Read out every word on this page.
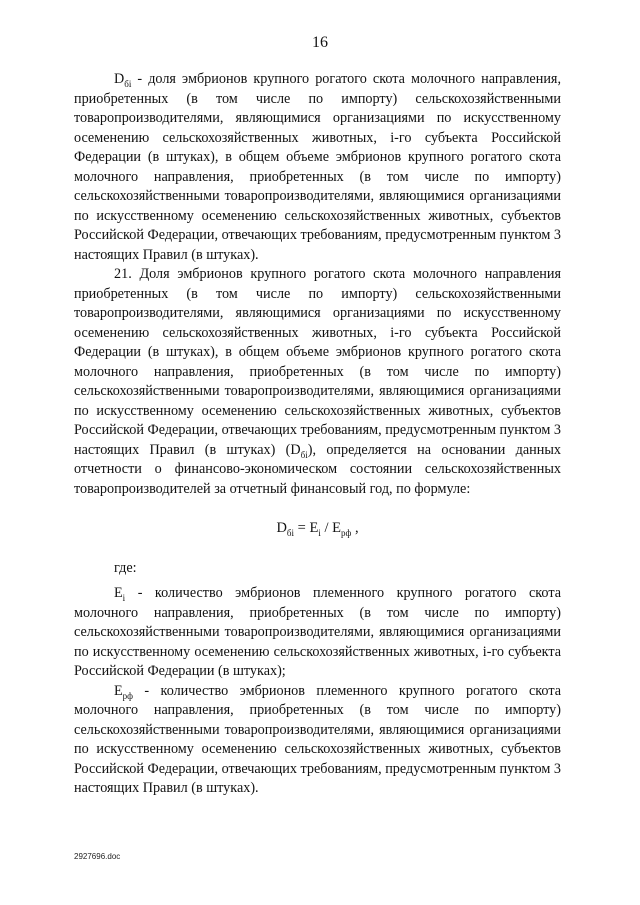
16

$D_{бi}$ - доля эмбрионов крупного рогатого скота молочного направления, приобретенных (в том числе по импорту) сельскохозяйственными товаропроизводителями, являющимися организациями по искусственному осеменению сельскохозяйственных животных, i-го субъекта Российской Федерации (в штуках), в общем объеме эмбрионов крупного рогатого скота молочного направления, приобретенных (в том числе по импорту) сельскохозяйственными товаропроизводителями, являющимися организациями по искусственному осеменению сельскохозяйственных животных, субъектов Российской Федерации, отвечающих требованиям, предусмотренным пунктом 3 настоящих Правил (в штуках).

21. Доля эмбрионов крупного рогатого скота молочного направления приобретенных (в том числе по импорту) сельскохозяйственными товаропроизводителями, являющимися организациями по искусственному осеменению сельскохозяйственных животных, i-го субъекта Российской Федерации (в штуках), в общем объеме эмбрионов крупного рогатого скота молочного направления, приобретенных (в том числе по импорту) сельскохозяйственными товаропроизводителями, являющимися организациями по искусственному осеменению сельскохозяйственных животных, субъектов Российской Федерации, отвечающих требованиям, предусмотренным пунктом 3 настоящих Правил (в штуках) $(D_{бi})$, определяется на основании данных отчетности о финансово-экономическом состоянии сельскохозяйственных товаропроизводителей за отчетный финансовый год, по формуле:

$D_{бi} = E_i / E_{рф}$ ,

где:

$E_i$ - количество эмбрионов племенного крупного рогатого скота молочного направления, приобретенных (в том числе по импорту) сельскохозяйственными товаропроизводителями, являющимися организациями по искусственному осеменению сельскохозяйственных животных, i-го субъекта Российской Федерации (в штуках);

$E_{рф}$ - количество эмбрионов племенного крупного рогатого скота молочного направления, приобретенных (в том числе по импорту) сельскохозяйственными товаропроизводителями, являющимися организациями по искусственному осеменению сельскохозяйственных животных, субъектов Российской Федерации, отвечающих требованиям, предусмотренным пунктом 3 настоящих Правил (в штуках).

2927696.doc
